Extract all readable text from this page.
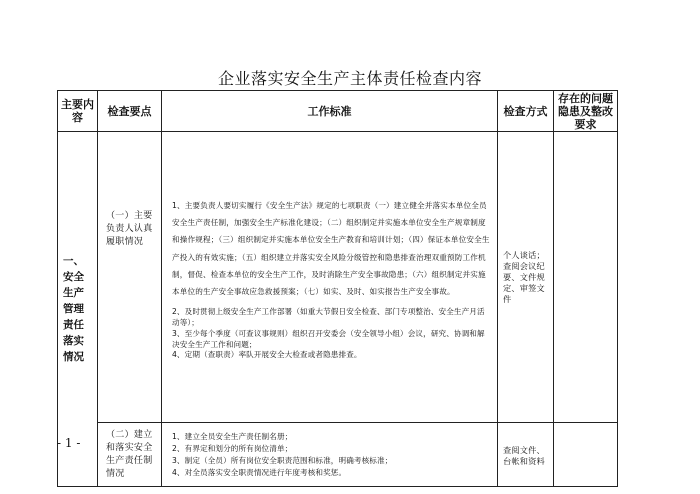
企业落实安全生产主体责任检查内容
主要内容	检查要点	工作标准	检查方式	存在的问题隐患及整改要求
一、安全生产管理责任落实情况	（一）主要负责人认真履职情况	1、主要负责人要切实履行《安全生产法》规定的七项职责（一）建立健全并落实本单位全员安全生产责任制，加强安全生产标准化建设；（二）组织制定并实施本单位安全生产规章制度和操作规程；（三）组织制定并实施本单位安全生产教育和培训计划；（四）保证本单位安全生产投入的有效实施；（五）组织建立并落实安全风险分级管控和隐患排查治理双重预防工作机制，督促、检查本单位的安全生产工作，及时消除生产安全事故隐患；（六）组织制定并实施本单位的生产安全事故应急救援预案；（七）如实、及时、如实报告生产安全事故。
2、及时贯彻上级安全生产工作部署（如重大节假日安全检查、部门专项整治、安全生产月活动等）；
3、至少每个季度（可查议事规则）组织召开安委会（安全领导小组）会议，研究、协调和解决安全生产工作和问题；
4、定期（查职责）率队开展安全大检查或者隐患排查。	个人谈话；查阅会议纪要、文件规定、审签文件	
	（二）建立和落实安全生产责任制情况	1、建立全员安全生产责任制名册；
2、有界定和划分的所有岗位清单；
3、制定（全员）所有岗位安全职责范围和标准，明确考核标准；
4、对全员落实安全职责情况进行年度考核和奖惩。	查阅文件、台帐和资料	
- 1 -
